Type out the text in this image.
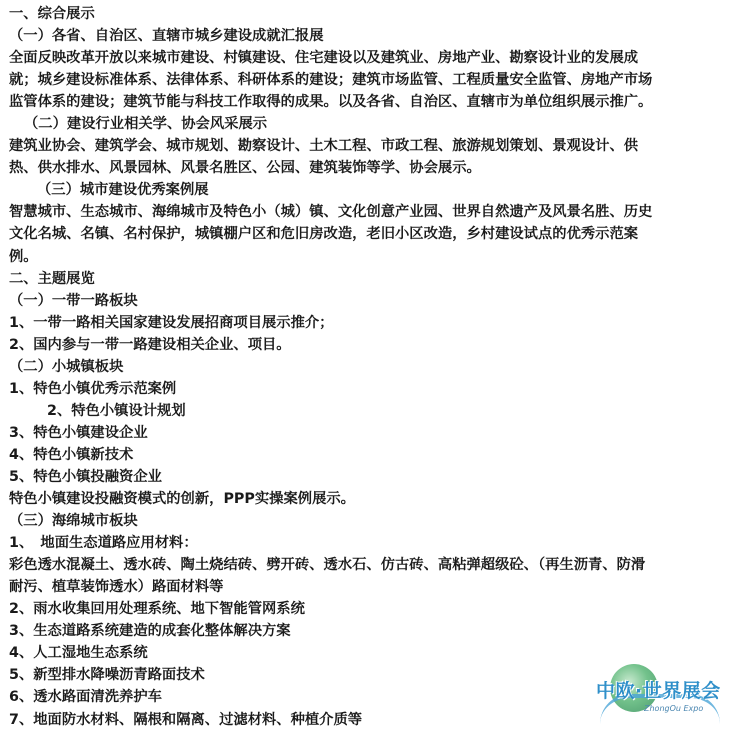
一、综合展示
（一）各省、自治区、直辖市城乡建设成就汇报展
全面反映改革开放以来城市建设、村镇建设、住宅建设以及建筑业、房地产业、勘察设计业的发展成
就；城乡建设标准体系、法律体系、科研体系的建设；建筑市场监管、工程质量安全监管、房地产市场
监管体系的建设；建筑节能与科技工作取得的成果。以及各省、自治区、直辖市为单位组织展示推广。
（二）建设行业相关学、协会风采展示
建筑业协会、建筑学会、城市规划、勘察设计、土木工程、市政工程、旅游规划策划、景观设计、供
热、供水排水、风景园林、风景名胜区、公园、建筑装饰等学、协会展示。
（三）城市建设优秀案例展
智慧城市、生态城市、海绵城市及特色小（城）镇、文化创意产业园、世界自然遗产及风景名胜、历史
文化名城、名镇、名村保护，城镇棚户区和危旧房改造，老旧小区改造，乡村建设试点的优秀示范案
例。
二、主题展览
（一）一带一路板块
1、一带一路相关国家建设发展招商项目展示推介；
2、国内参与一带一路建设相关企业、项目。
（二）小城镇板块
1、特色小镇优秀示范案例
2、特色小镇设计规划
3、特色小镇建设企业
4、特色小镇新技术
5、特色小镇投融资企业
特色小镇建设投融资模式的创新，PPP实操案例展示。
（三）海绵城市板块
1、　地面生态道路应用材料：
彩色透水混凝土、透水砖、陶土烧结砖、劈开砖、透水石、仿古砖、高粘弹超级砼、（再生沥青、防滑
耐污、植草装饰透水）路面材料等
2、雨水收集回用处理系统、地下智能管网系统
3、生态道路系统建造的成套化整体解决方案
4、人工湿地生态系统
5、新型排水降噪沥青路面技术
6、透水路面清洗养护车
7、地面防水材料、隔根和隔离、过滤材料、种植介质等
中欧·世界展会
ZhongOu Expo
